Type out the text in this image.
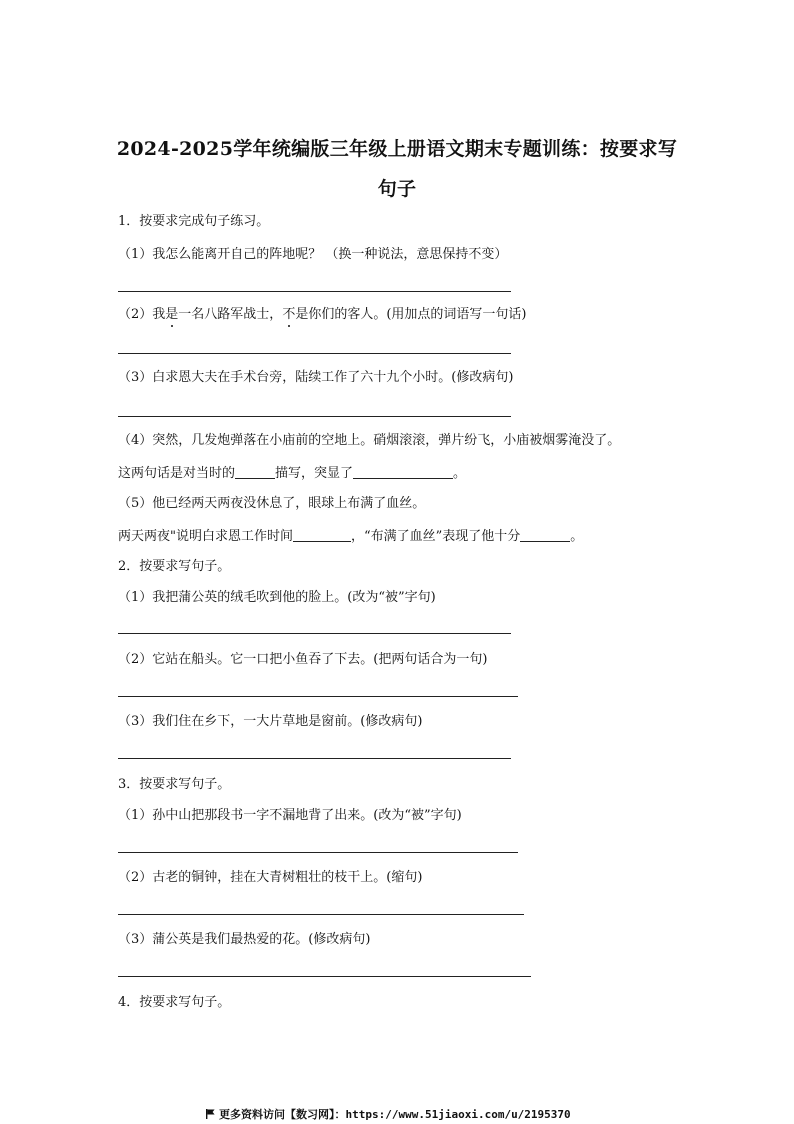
2024-2025学年统编版三年级上册语文期末专题训练：按要求写
句子
1．按要求完成句子练习。
（1）我怎么能离开自己的阵地呢？ （换一种说法，意思保持不变）
（2）我是一名八路军战士，不是你们的客人。(用加点的词语写一句话)
（3）白求恩大夫在手术台旁，陆续工作了六十九个小时。(修改病句)
（4）突然，几发炮弹落在小庙前的空地上。硝烟滚滚，弹片纷飞，小庙被烟雾淹没了。
这两句话是对当时的	描写，突显了	。
（5）他已经两天两夜没休息了，眼球上布满了血丝。
两天两夜"说明白求恩工作时间	，“布满了血丝”表现了他十分	。
2．按要求写句子。
（1）我把蒲公英的绒毛吹到他的脸上。(改为“被”字句)
（2）它站在船头。它一口把小鱼吞了下去。(把两句话合为一句)
（3）我们住在乡下，一大片草地是窗前。(修改病句)
3．按要求写句子。
（1）孙中山把那段书一字不漏地背了出来。(改为“被”字句)
（2）古老的铜钟，挂在大青树粗壮的枝干上。(缩句)
（3）蒲公英是我们最热爱的花。(修改病句)
4．按要求写句子。
更多资料访问【数习网】：https://www.51jiaoxi.com/u/2195370
